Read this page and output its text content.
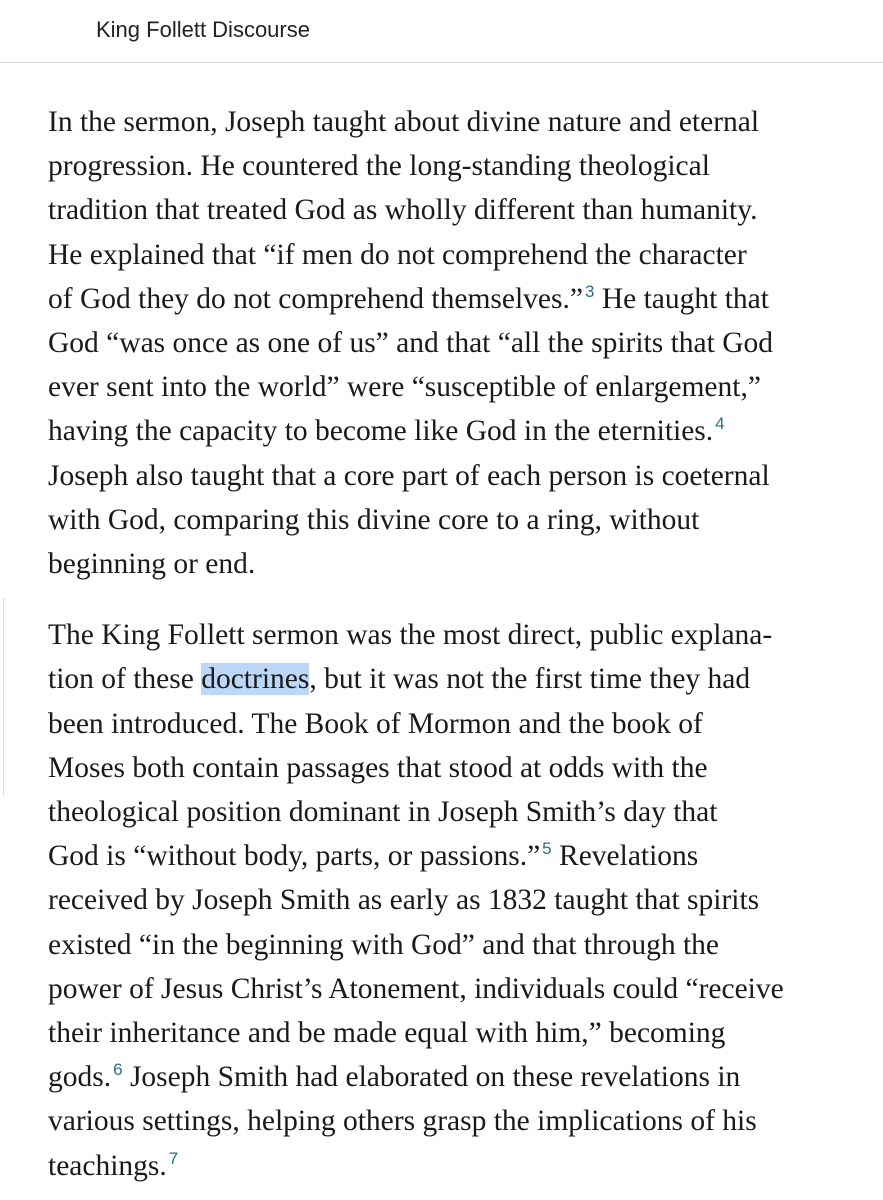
King Follett Discourse

In the sermon, Joseph taught about divine nature and eternal
progression. He countered the long-standing theological
tradition that treated God as wholly different than humanity.
He explained that “if men do not comprehend the character
of God they do not comprehend themselves.” $^3$ He taught that
God “was once as one of us” and that “all the spirits that God
ever sent into the world” were “susceptible of enlargement,”
having the capacity to become like God in the eternities. $^4$
Joseph also taught that a core part of each person is coeternal
with God, comparing this divine core to a ring, without
beginning or end.

The King Follett sermon was the most direct, public explana-
tion of these doctrines, but it was not the first time they had
been introduced. The Book of Mormon and the book of
Moses both contain passages that stood at odds with the
theological position dominant in Joseph Smith’s day that
God is “without body, parts, or passions.” $^5$ Revelations
received by Joseph Smith as early as 1832 taught that spirits
existed “in the beginning with God” and that through the
power of Jesus Christ’s Atonement, individuals could “receive
their inheritance and be made equal with him,” becoming
gods. $^6$ Joseph Smith had elaborated on these revelations in
various settings, helping others grasp the implications of his
teachings. $^7$
